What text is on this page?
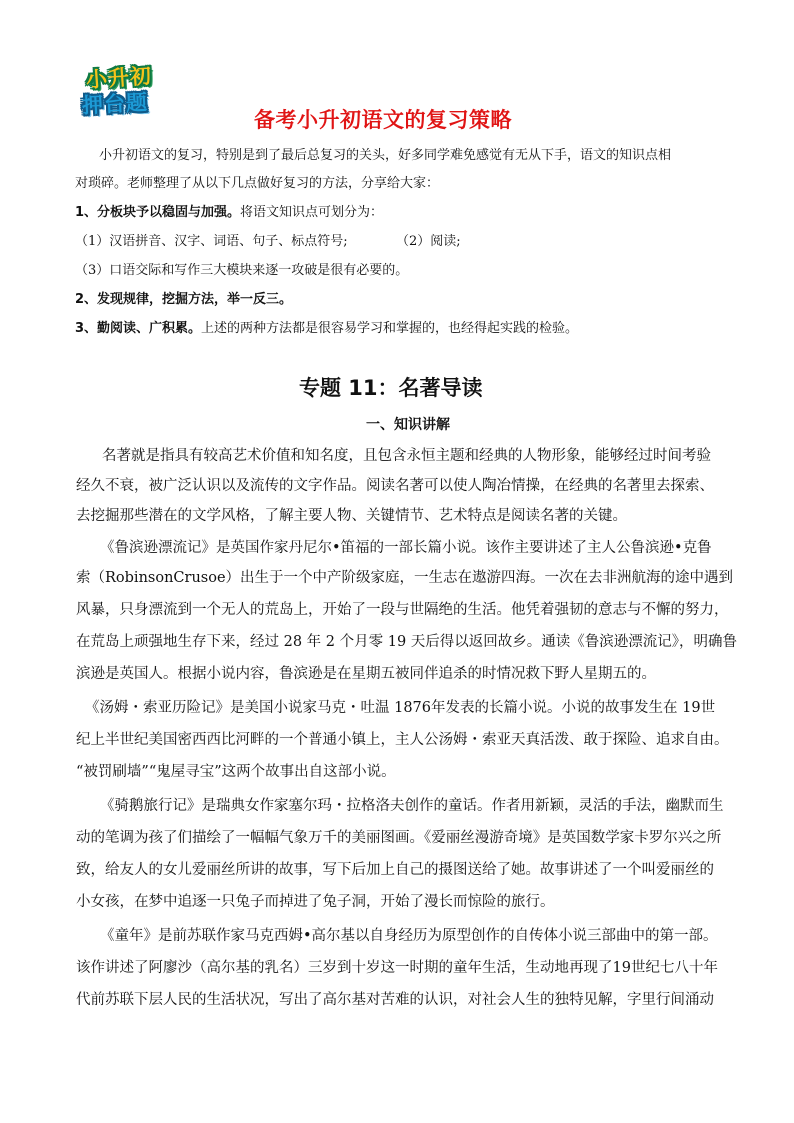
小升初
押台题
备考小升初语文的复习策略
小升初语文的复习，特别是到了最后总复习的关头，好多同学难免感觉有无从下手，语文的知识点相
对琐碎。老师整理了从以下几点做好复习的方法，分享给大家：
1、分板块予以稳固与加强。将语文知识点可划分为：
（1）汉语拼音、汉字、词语、句子、标点符号;	（2）阅读;
（3）口语交际和写作三大模块来逐一攻破是很有必要的。
2、发现规律，挖掘方法，举一反三。
3、勤阅读、广积累。上述的两种方法都是很容易学习和掌握的，也经得起实践的检验。
专题 11：名著导读
一、知识讲解
名著就是指具有较高艺术价值和知名度，且包含永恒主题和经典的人物形象，能够经过时间考验
经久不衰，被广泛认识以及流传的文字作品。阅读名著可以使人陶冶情操，在经典的名著里去探索、
去挖掘那些潜在的文学风格，了解主要人物、关键情节、艺术特点是阅读名著的关键。
《鲁滨逊漂流记》是英国作家丹尼尔•笛福的一部长篇小说。该作主要讲述了主人公鲁滨逊•克鲁
索（RobinsonCrusoe）出生于一个中产阶级家庭，一生志在遨游四海。一次在去非洲航海的途中遇到
风暴，只身漂流到一个无人的荒岛上，开始了一段与世隔绝的生活。他凭着强韧的意志与不懈的努力，
在荒岛上顽强地生存下来，经过 28 年 2 个月零 19 天后得以返回故乡。通读《鲁滨逊漂流记》，明确鲁
滨逊是英国人。根据小说内容，鲁滨逊是在星期五被同伴追杀的时情况救下野人星期五的。
《汤姆・索亚历险记》是美国小说家马克・吐温 1876年发表的长篇小说。小说的故事发生在 19世
纪上半世纪美国密西西比河畔的一个普通小镇上，主人公汤姆・索亚天真活泼、敢于探险、追求自由。
“被罚刷墙”“鬼屋寻宝”这两个故事出自这部小说。
《骑鹅旅行记》是瑞典女作家塞尔玛・拉格洛夫创作的童话。作者用新颖，灵活的手法，幽默而生
动的笔调为孩了们描绘了一幅幅气象万千的美丽图画。《爱丽丝漫游奇境》是英国数学家卡罗尔兴之所
致，给友人的女儿爱丽丝所讲的故事，写下后加上自己的摄图送给了她。故事讲述了一个叫爱丽丝的
小女孩，在梦中追逐一只兔子而掉进了兔子洞，开始了漫长而惊险的旅行。
《童年》是前苏联作家马克西姆•高尔基以自身经历为原型创作的自传体小说三部曲中的第一部。
该作讲述了阿廖沙（高尔基的乳名）三岁到十岁这一时期的童年生活，生动地再现了19世纪七八十年
代前苏联下层人民的生活状况，写出了高尔基对苦难的认识，对社会人生的独特见解，字里行间涌动
